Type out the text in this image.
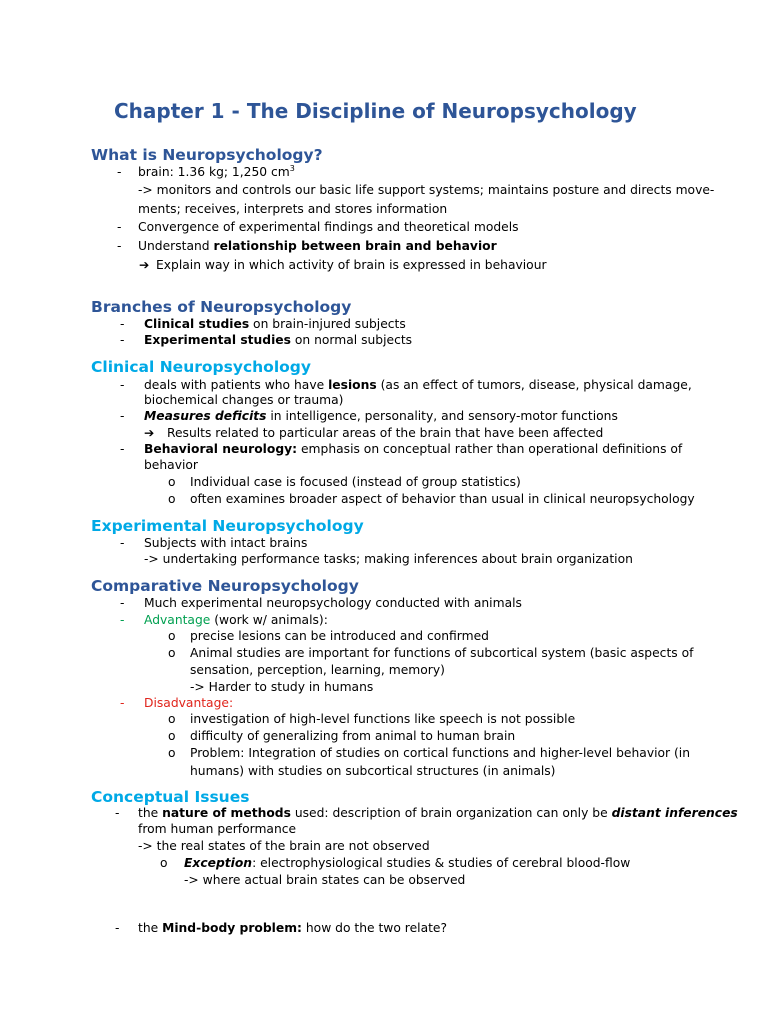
Chapter 1 - The Discipline of Neuropsychology
What is Neuropsychology?
- brain: 1.36 kg; 1,250 $cm^3$
-> monitors and controls our basic life support systems; maintains posture and directs move-
ments; receives, interprets and stores information
- Convergence of experimental findings and theoretical models
- Understand relationship between brain and behavior
➔ Explain way in which activity of brain is expressed in behaviour
Branches of Neuropsychology
- Clinical studies on brain-injured subjects
- Experimental studies on normal subjects
Clinical Neuropsychology
- deals with patients who have lesions (as an effect of tumors, disease, physical damage,
biochemical changes or trauma)
- Measures deficits in intelligence, personality, and sensory-motor functions
➔ Results related to particular areas of the brain that have been affected
- Behavioral neurology: emphasis on conceptual rather than operational definitions of
behavior
o Individual case is focused (instead of group statistics)
o often examines broader aspect of behavior than usual in clinical neuropsychology
Experimental Neuropsychology
- Subjects with intact brains
-> undertaking performance tasks; making inferences about brain organization
Comparative Neuropsychology
- Much experimental neuropsychology conducted with animals
- Advantage (work w/ animals):
o precise lesions can be introduced and confirmed
o Animal studies are important for functions of subcortical system (basic aspects of
sensation, perception, learning, memory)
-> Harder to study in humans
- Disadvantage:
o investigation of high-level functions like speech is not possible
o difficulty of generalizing from animal to human brain
o Problem: Integration of studies on cortical functions and higher-level behavior (in
humans) with studies on subcortical structures (in animals)
Conceptual Issues
- the nature of methods used: description of brain organization can only be distant inferences
from human performance
-> the real states of the brain are not observed
o Exception: electrophysiological studies & studies of cerebral blood-flow
-> where actual brain states can be observed
- the Mind-body problem: how do the two relate?
